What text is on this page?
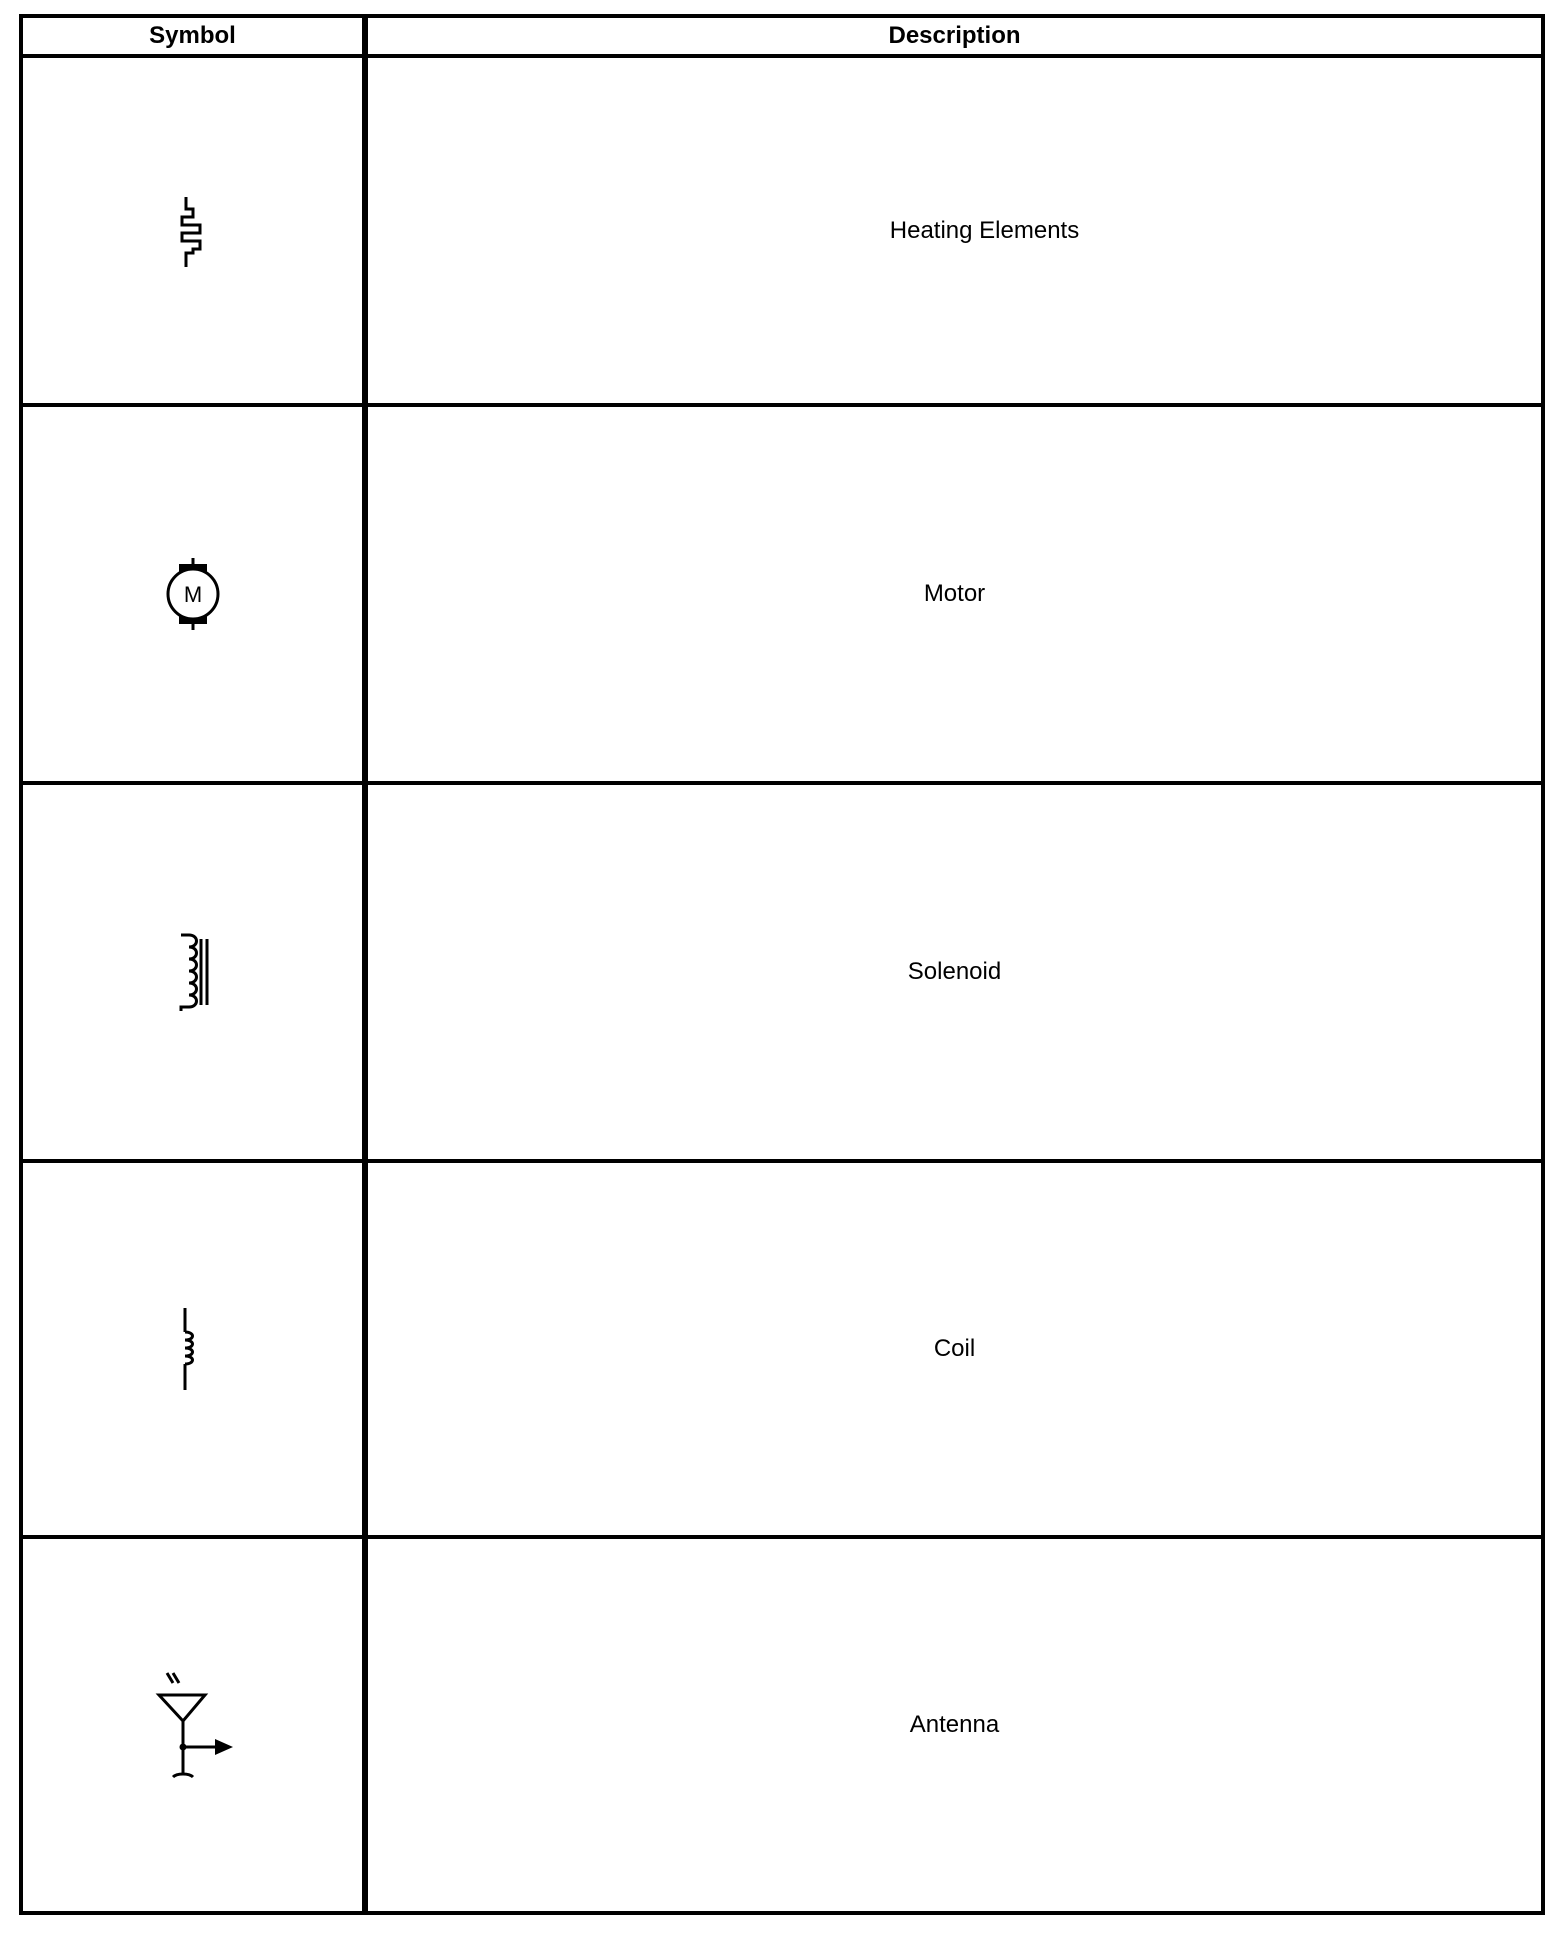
Symbol	Description

	Heating Elements

M	Motor

	Solenoid

	Coil

	Antenna
